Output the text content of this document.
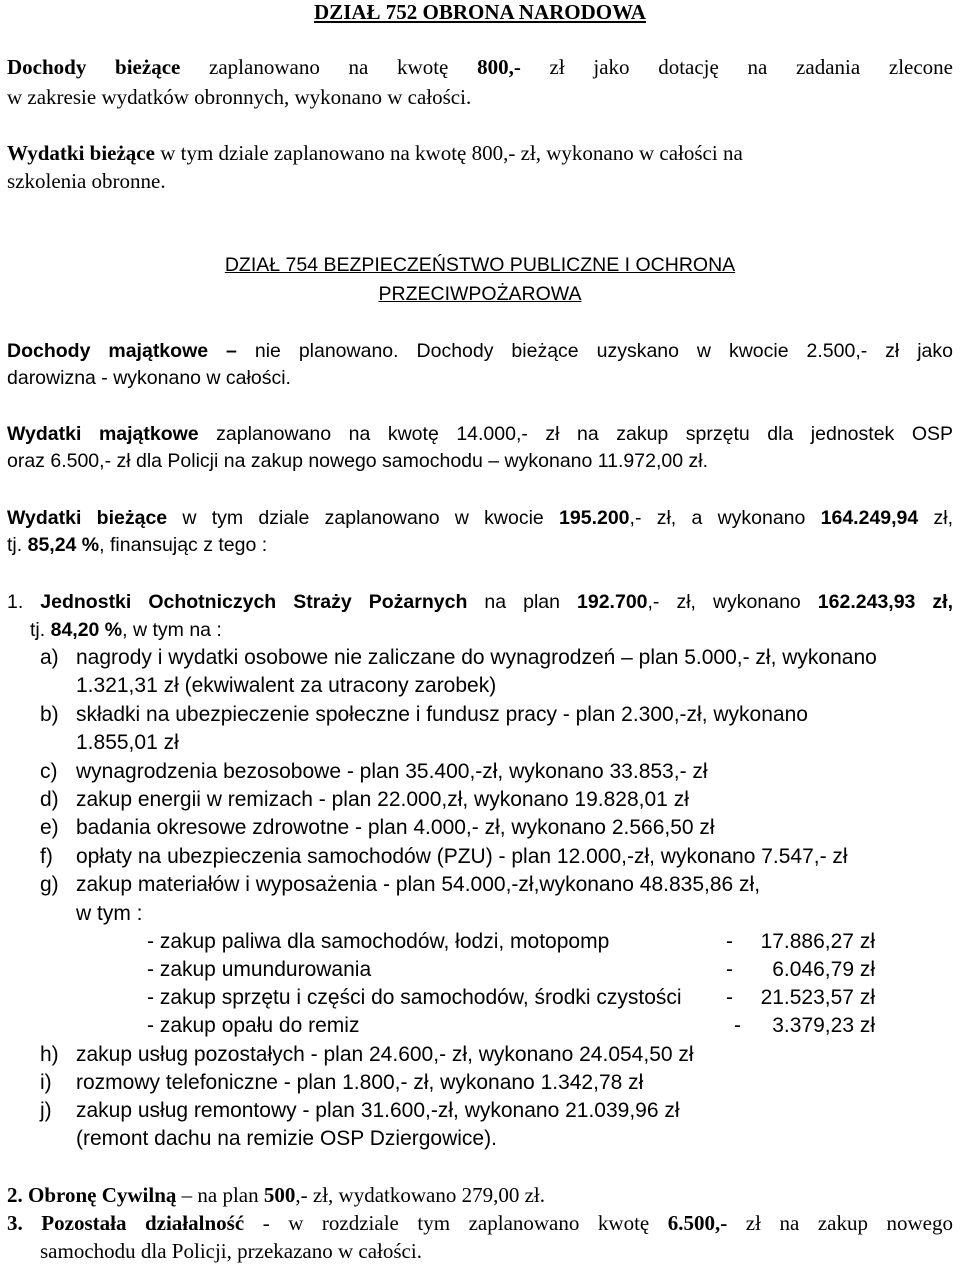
DZIAŁ 752 OBRONA NARODOWA
Dochody bieżące zaplanowano na kwotę 800,- zł jako dotację na zadania zlecone
w zakresie wydatków obronnych, wykonano w całości.
Wydatki bieżące w tym dziale zaplanowano na kwotę 800,- zł, wykonano w całości na
szkolenia obronne.
DZIAŁ 754 BEZPIECZEŃSTWO PUBLICZNE I OCHRONA
PRZECIWPOŻAROWA
Dochody majątkowe – nie planowano. Dochody bieżące uzyskano w kwocie 2.500,- zł jako
darowizna - wykonano w całości.
Wydatki majątkowe zaplanowano na kwotę 14.000,- zł na zakup sprzętu dla jednostek OSP
oraz 6.500,- zł dla Policji na zakup nowego samochodu – wykonano 11.972,00 zł.
Wydatki bieżące w tym dziale zaplanowano w kwocie 195.200,- zł, a wykonano 164.249,94 zł,
tj. 85,24 %, finansując z tego :
1. Jednostki Ochotniczych Straży Pożarnych na plan 192.700,- zł, wykonano 162.243,93 zł,
tj. 84,20 %, w tym na :
a) nagrody i wydatki osobowe nie zaliczane do wynagrodzeń – plan 5.000,- zł, wykonano
1.321,31 zł (ekwiwalent za utracony zarobek)
b) składki na ubezpieczenie społeczne i fundusz pracy - plan 2.300,-zł, wykonano
1.855,01 zł
c) wynagrodzenia bezosobowe - plan 35.400,-zł, wykonano 33.853,- zł
d) zakup energii w remizach - plan 22.000,zł, wykonano 19.828,01 zł
e) badania okresowe zdrowotne - plan 4.000,- zł, wykonano 2.566,50 zł
f)	opłaty na ubezpieczenia samochodów (PZU) - plan 12.000,-zł, wykonano 7.547,- zł
g) zakup materiałów i wyposażenia - plan 54.000,-zł,wykonano 48.835,86 zł,
w tym :
- zakup paliwa dla samochodów, łodzi, motopomp	-	17.886,27 zł
- zakup umundurowania	-	6.046,79 zł
- zakup sprzętu i części do samochodów, środki czystości -	21.523,57 zł
- zakup opału do remiz	-	3.379,23 zł
h) zakup usług pozostałych - plan 24.600,- zł, wykonano 24.054,50 zł
i)	rozmowy telefoniczne - plan 1.800,- zł, wykonano 1.342,78 zł
j)	zakup usług remontowy - plan 31.600,-zł, wykonano 21.039,96 zł
(remont dachu na remizie OSP Dziergowice).
2. Obronę Cywilną – na plan 500,- zł, wydatkowano 279,00 zł.
3. Pozostała działalność - w rozdziale tym zaplanowano kwotę 6.500,- zł na zakup nowego
samochodu dla Policji, przekazano w całości.
